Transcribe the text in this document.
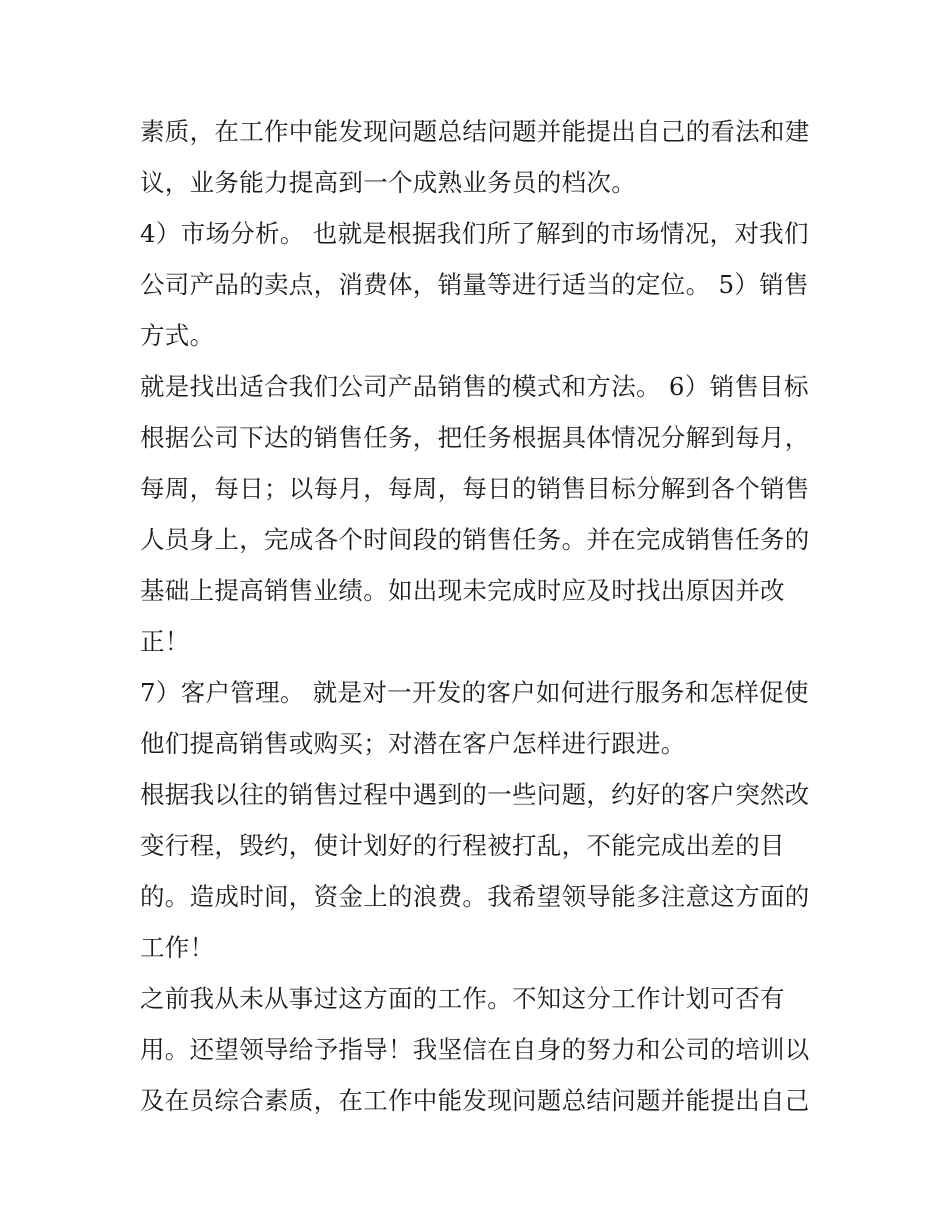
素质，在工作中能发现问题总结问题并能提出自己的看法和建
议，业务能力提高到一个成熟业务员的档次。
4）市场分析。 也就是根据我们所了解到的市场情况，对我们
公司产品的卖点，消费体，销量等进行适当的定位。 5）销售
方式。
就是找出适合我们公司产品销售的模式和方法。 6）销售目标
根据公司下达的销售任务，把任务根据具体情况分解到每月，
每周，每日；以每月，每周，每日的销售目标分解到各个销售
人员身上，完成各个时间段的销售任务。并在完成销售任务的
基础上提高销售业绩。如出现未完成时应及时找出原因并改
正！
7）客户管理。 就是对一开发的客户如何进行服务和怎样促使
他们提高销售或购买；对潜在客户怎样进行跟进。
根据我以往的销售过程中遇到的一些问题，约好的客户突然改
变行程，毁约，使计划好的行程被打乱，不能完成出差的目
的。造成时间，资金上的浪费。我希望领导能多注意这方面的
工作！
之前我从未从事过这方面的工作。不知这分工作计划可否有
用。还望领导给予指导！我坚信在自身的努力和公司的培训以
及在员综合素质，在工作中能发现问题总结问题并能提出自己
